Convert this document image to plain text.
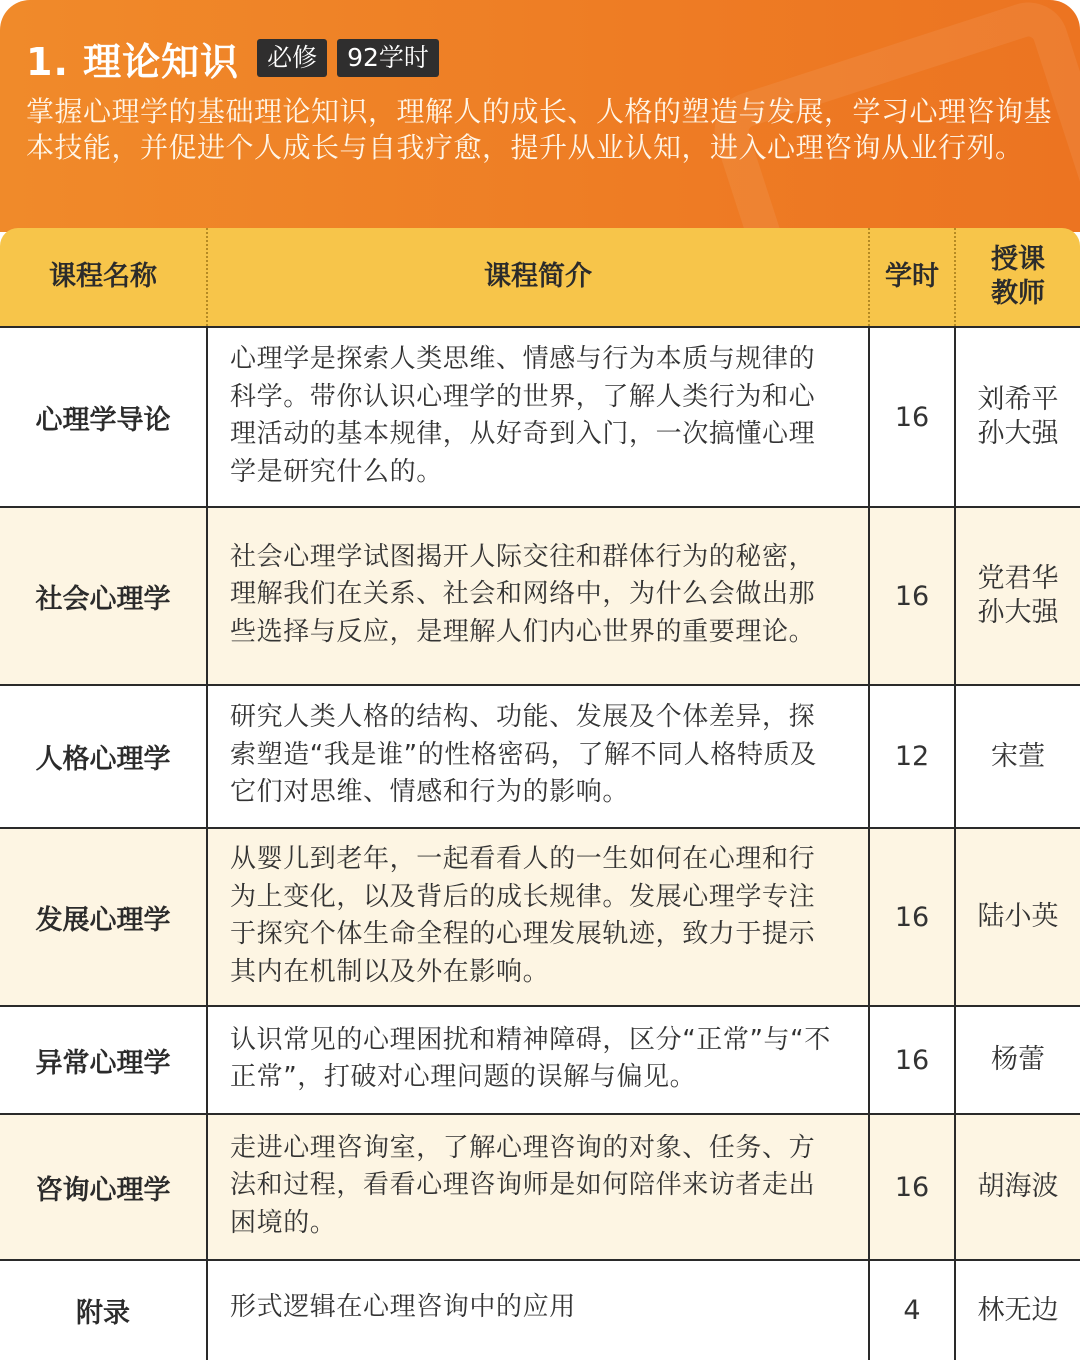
1. 理论知识	必修	92学时
掌握心理学的基础理论知识，理解人的成长、人格的塑造与发展，学习心理咨询基本技能，并促进个人成长与自我疗愈，提升从业认知，进入心理咨询从业行列。
课程名称	课程简介	学时	授课
教师

心理学导论	心理学是探索人类思维、情感与行为本质与规律的科学。带你认识心理学的世界，了解人类行为和心理活动的基本规律，从好奇到入门，一次搞懂心理学是研究什么的。	16	刘希平
孙大强

社会心理学	社会心理学试图揭开人际交往和群体行为的秘密，理解我们在关系、社会和网络中，为什么会做出那些选择与反应，是理解人们内心世界的重要理论。	16	党君华
孙大强

人格心理学	研究人类人格的结构、功能、发展及个体差异，探索塑造“我是谁”的性格密码，了解不同人格特质及它们对思维、情感和行为的影响。	12	宋萱

发展心理学	从婴儿到老年，一起看看人的一生如何在心理和行为上变化，以及背后的成长规律。发展心理学专注于探究个体生命全程的心理发展轨迹，致力于提示其内在机制以及外在影响。	16	陆小英

异常心理学	认识常见的心理困扰和精神障碍，区分“正常”与“不正常”，打破对心理问题的误解与偏见。	16	杨蕾

咨询心理学	走进心理咨询室，了解心理咨询的对象、任务、方法和过程，看看心理咨询师是如何陪伴来访者走出困境的。	16	胡海波

附录	形式逻辑在心理咨询中的应用	4	林无边
